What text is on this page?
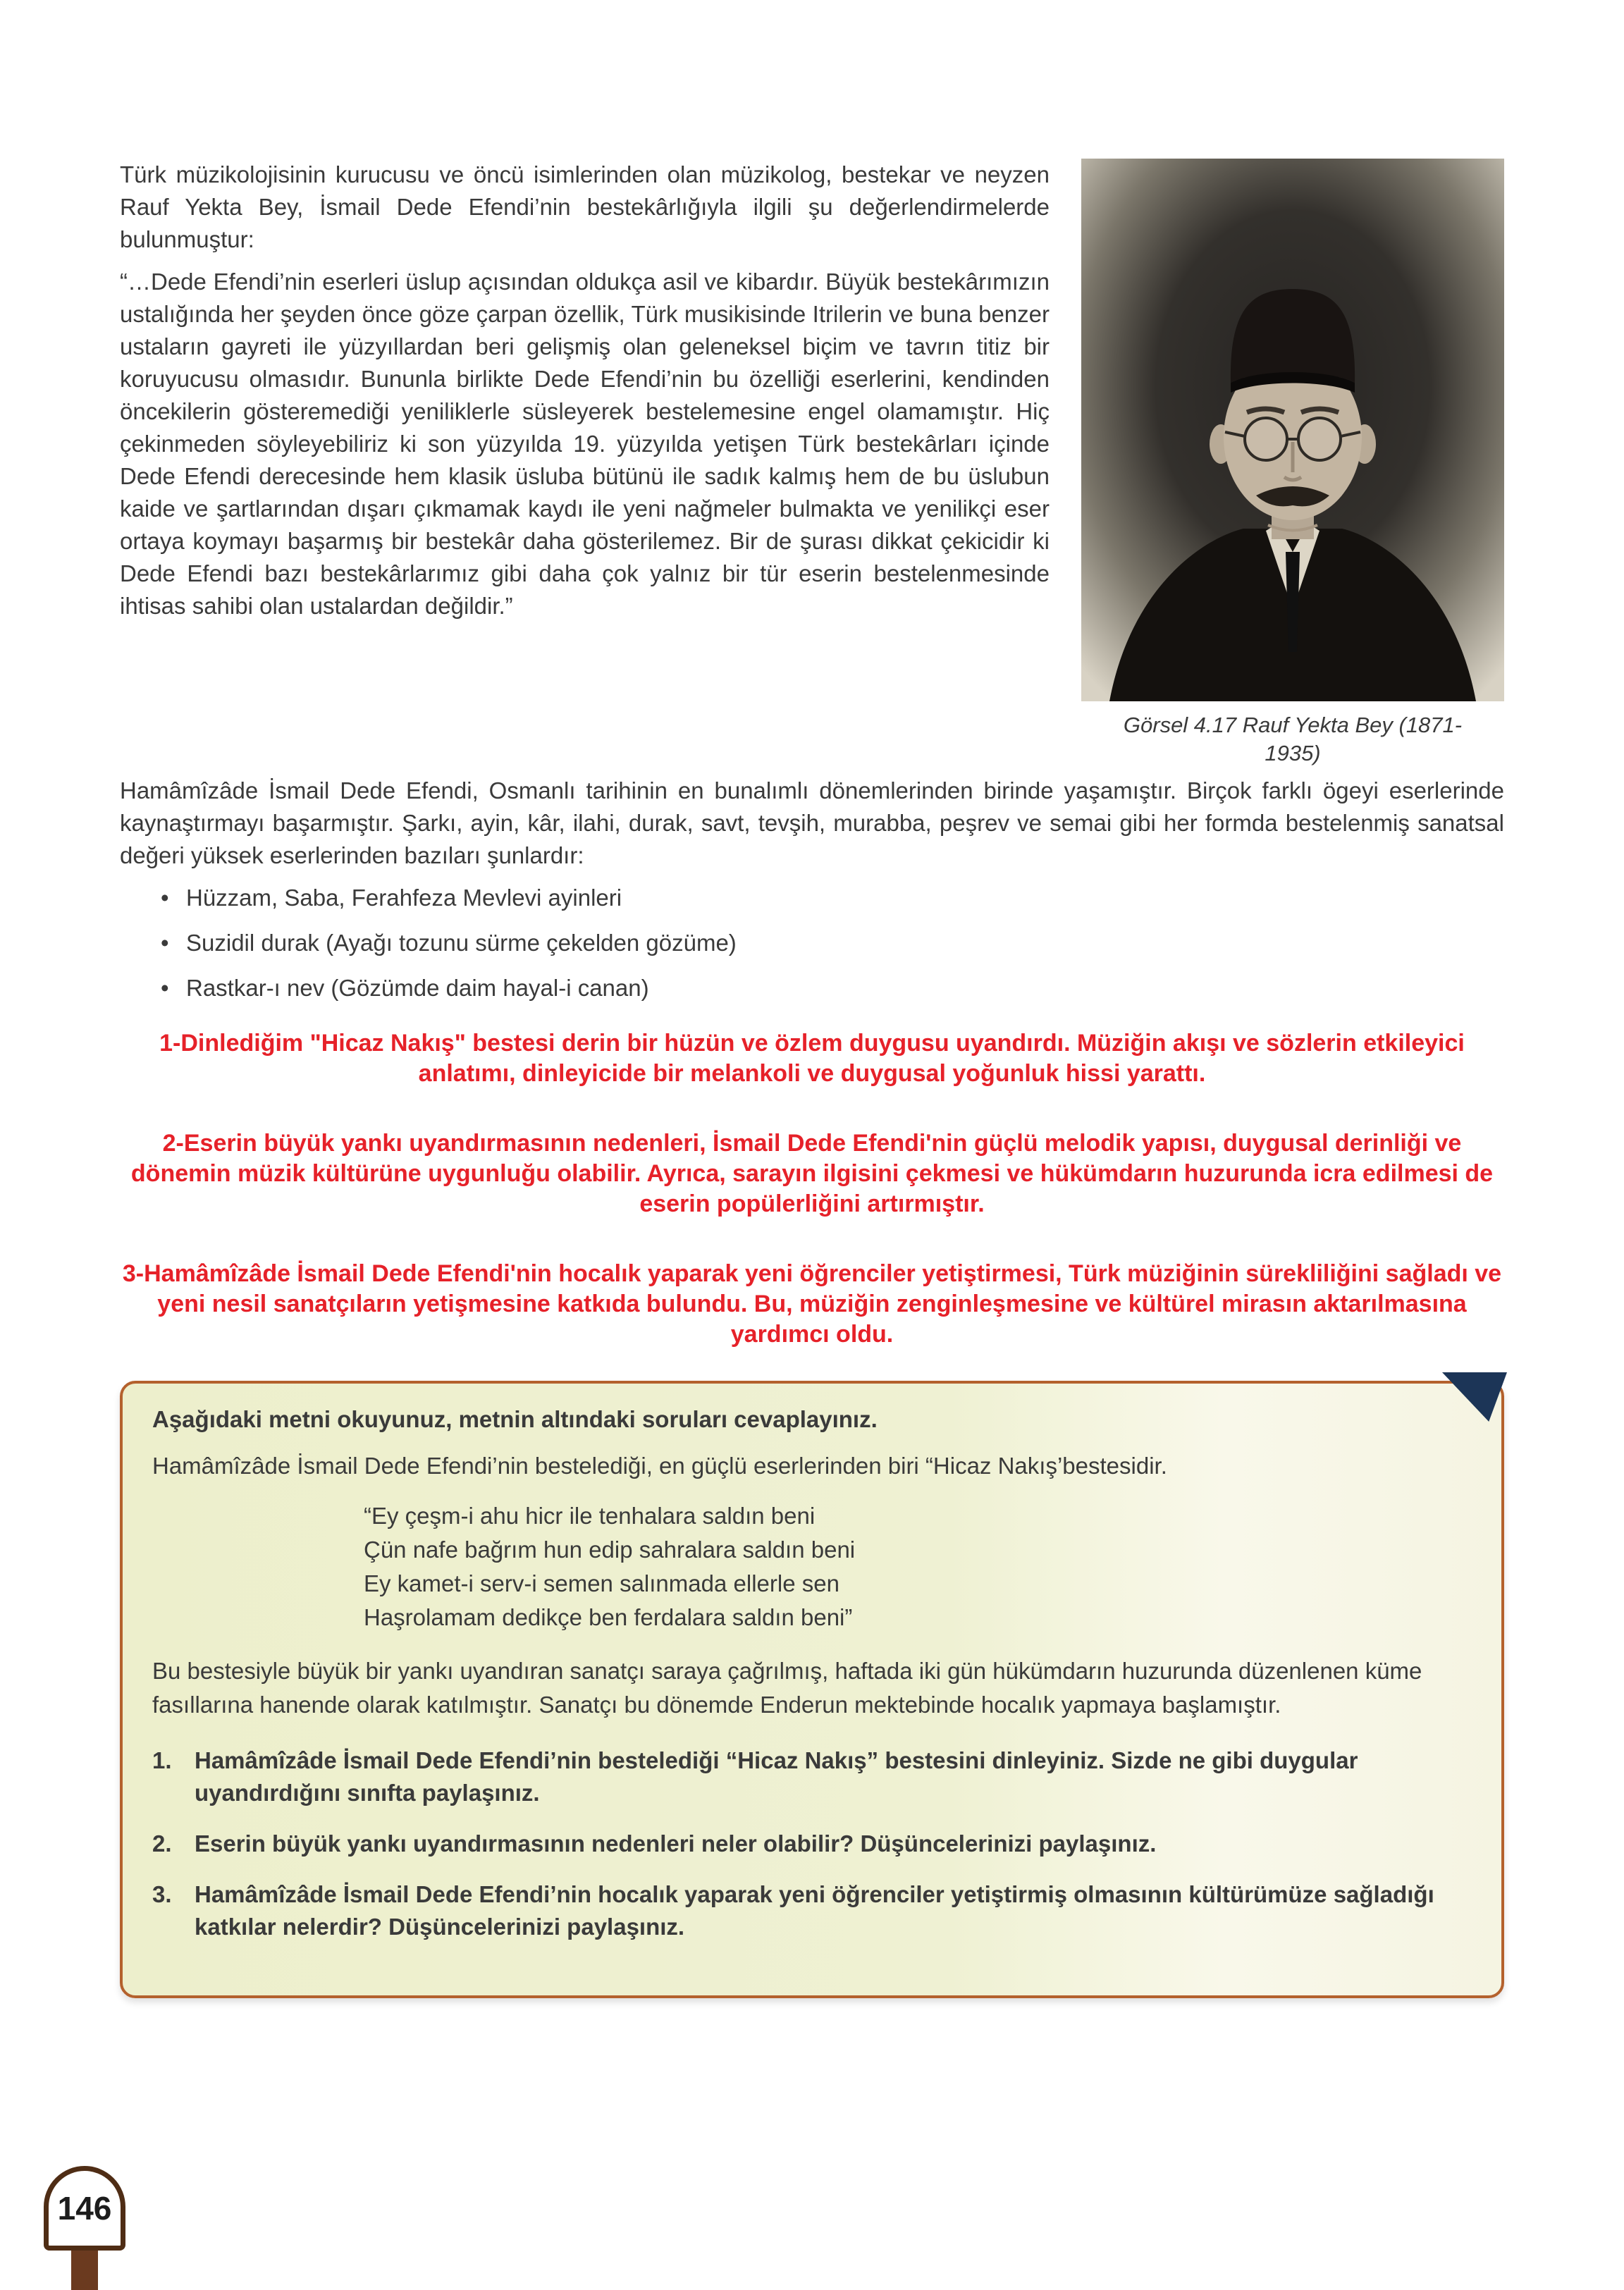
Görsel 4.17 Rauf Yekta Bey (1871-1935)

Türk müzikolojisinin kurucusu ve öncü isimlerinden olan müzikolog, bestekar ve neyzen Rauf Yekta Bey, İsmail Dede Efendi’nin bestekârlığıyla ilgili şu değerlendirmelerde bulunmuştur:

“…Dede Efendi’nin eserleri üslup açısından oldukça asil ve kibardır. Büyük bestekârımızın ustalığında her şeyden önce göze çarpan özellik, Türk musikisinde Itrilerin ve buna benzer ustaların gayreti ile yüzyıllardan beri gelişmiş olan geleneksel biçim ve tavrın titiz bir koruyucusu olmasıdır. Bununla birlikte Dede Efendi’nin bu özelliği eserlerini, kendinden öncekilerin gösteremediği yeniliklerle süsleyerek bestelemesine engel olamamıştır. Hiç çekinmeden söyleyebiliriz ki son yüzyılda 19. yüzyılda yetişen Türk bestekârları içinde Dede Efendi derecesinde hem klasik üsluba bütünü ile sadık kalmış hem de bu üslubun kaide ve şartlarından dışarı çıkmamak kaydı ile yeni nağmeler bulmakta ve yenilikçi eser ortaya koymayı başarmış bir bestekâr daha gösterilemez. Bir de şurası dikkat çekicidir ki Dede Efendi bazı bestekârlarımız gibi daha çok yalnız bir tür eserin bestelenmesinde ihtisas sahibi olan ustalardan değildir.”

Hamâmîzâde İsmail Dede Efendi, Osmanlı tarihinin en bunalımlı dönemlerinden birinde yaşamıştır. Birçok farklı ögeyi eserlerinde kaynaştırmayı başarmıştır. Şarkı, ayin, kâr, ilahi, durak, savt, tevşih, murabba, peşrev ve semai gibi her formda bestelenmiş sanatsal değeri yüksek eserlerinden bazıları şunlardır:

• Hüzzam, Saba, Ferahfeza Mevlevi ayinleri
• Suzidil durak (Ayağı tozunu sürme çekelden gözüme)
• Rastkar-ı nev (Gözümde daim hayal-i canan)

1-Dinlediğim "Hicaz Nakış" bestesi derin bir hüzün ve özlem duygusu uyandırdı. Müziğin akışı ve sözlerin etkileyici anlatımı, dinleyicide bir melankoli ve duygusal yoğunluk hissi yarattı.

2-Eserin büyük yankı uyandırmasının nedenleri, İsmail Dede Efendi'nin güçlü melodik yapısı, duygusal derinliği ve dönemin müzik kültürüne uygunluğu olabilir. Ayrıca, sarayın ilgisini çekmesi ve hükümdarın huzurunda icra edilmesi de eserin popülerliğini artırmıştır.

3-Hamâmîzâde İsmail Dede Efendi'nin hocalık yaparak yeni öğrenciler yetiştirmesi, Türk müziğinin sürekliliğini sağladı ve yeni nesil sanatçıların yetişmesine katkıda bulundu. Bu, müziğin zenginleşmesine ve kültürel mirasın aktarılmasına yardımcı oldu.

Aşağıdaki metni okuyunuz, metnin altındaki soruları cevaplayınız.

Hamâmîzâde İsmail Dede Efendi’nin bestelediği, en güçlü eserlerinden biri “Hicaz Nakış’bestesidir.

“Ey çeşm-i ahu hicr ile tenhalara saldın beni
Çün nafe bağrım hun edip sahralara saldın beni
Ey kamet-i serv-i semen salınmada ellerle sen
Haşrolamam dedikçe ben ferdalara saldın beni”

Bu bestesiyle büyük bir yankı uyandıran sanatçı saraya çağrılmış, haftada iki gün hükümdarın huzurunda düzenlenen küme fasıllarına hanende olarak katılmıştır. Sanatçı bu dönemde Enderun mektebinde hocalık yapmaya başlamıştır.

1. Hamâmîzâde İsmail Dede Efendi’nin bestelediği “Hicaz Nakış” bestesini dinleyiniz. Sizde ne gibi duygular uyandırdığını sınıfta paylaşınız.
2. Eserin büyük yankı uyandırmasının nedenleri neler olabilir? Düşüncelerinizi paylaşınız.
3. Hamâmîzâde İsmail Dede Efendi’nin hocalık yaparak yeni öğrenciler yetiştirmiş olmasının kültürümüze sağladığı katkılar nelerdir? Düşüncelerinizi paylaşınız.
146
